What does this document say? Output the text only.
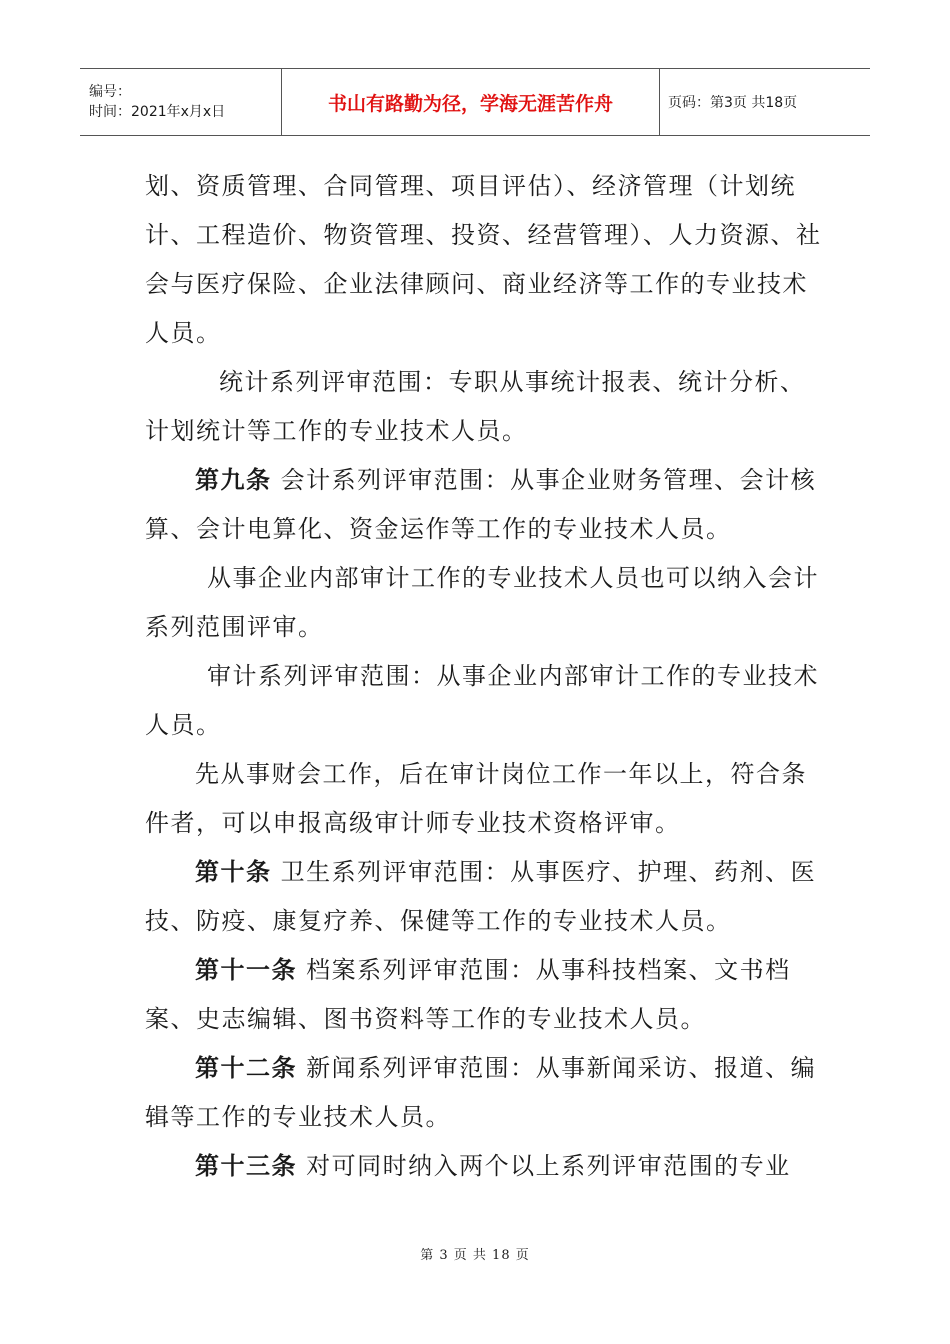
编号：
时间：2021年x月x日	书山有路勤为径，学海无涯苦作舟	页码：第3页 共18页

划、资质管理、合同管理、项目评估）、经济管理（计划统计、工程造价、物资管理、投资、经营管理）、人力资源、社会与医疗保险、企业法律顾问、商业经济等工作的专业技术人员。

统计系列评审范围：专职从事统计报表、统计分析、计划统计等工作的专业技术人员。

第九条 会计系列评审范围：从事企业财务管理、会计核算、会计电算化、资金运作等工作的专业技术人员。

从事企业内部审计工作的专业技术人员也可以纳入会计系列范围评审。

审计系列评审范围：从事企业内部审计工作的专业技术人员。

先从事财会工作，后在审计岗位工作一年以上，符合条件者，可以申报高级审计师专业技术资格评审。

第十条 卫生系列评审范围：从事医疗、护理、药剂、医技、防疫、康复疗养、保健等工作的专业技术人员。

第十一条 档案系列评审范围：从事科技档案、文书档案、史志编辑、图书资料等工作的专业技术人员。

第十二条 新闻系列评审范围：从事新闻采访、报道、编辑等工作的专业技术人员。

第十三条 对可同时纳入两个以上系列评审范围的专业

第 3 页 共 18 页
